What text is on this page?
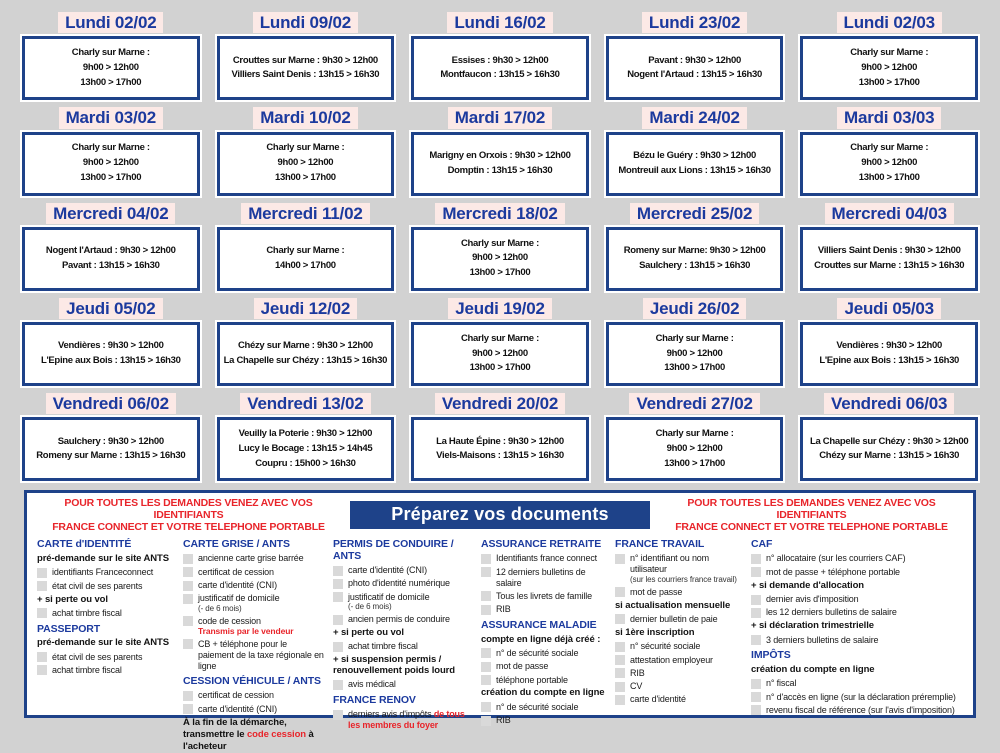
Lundi 02/02
Charly sur Marne :
9h00 > 12h00
13h00 > 17h00
Lundi 09/02
Crouttes sur Marne : 9h30 > 12h00
Villiers Saint Denis : 13h15 > 16h30
Lundi 16/02
Essises : 9h30 > 12h00
Montfaucon : 13h15 > 16h30
Lundi 23/02
Pavant : 9h30 > 12h00
Nogent l'Artaud : 13h15 > 16h30
Lundi 02/03
Charly sur Marne :
9h00 > 12h00
13h00 > 17h00
Mardi 03/02
Charly sur Marne :
9h00 > 12h00
13h00 > 17h00
Mardi 10/02
Charly sur Marne :
9h00 > 12h00
13h00 > 17h00
Mardi 17/02
Marigny en Orxois : 9h30 > 12h00
Domptin : 13h15 > 16h30
Mardi 24/02
Bézu le Guéry : 9h30 > 12h00
Montreuil aux Lions : 13h15 > 16h30
Mardi 03/03
Charly sur Marne :
9h00 > 12h00
13h00 > 17h00
Mercredi 04/02
Nogent l'Artaud : 9h30 > 12h00
Pavant : 13h15 > 16h30
Mercredi 11/02
Charly sur Marne :
14h00 > 17h00
Mercredi 18/02
Charly sur Marne :
9h00 > 12h00
13h00 > 17h00
Mercredi 25/02
Romeny sur Marne: 9h30 > 12h00
Saulchery : 13h15 > 16h30
Mercredi 04/03
Villiers Saint Denis : 9h30 > 12h00
Crouttes sur Marne : 13h15 > 16h30
Jeudi 05/02
Vendières : 9h30 > 12h00
L'Epine aux Bois : 13h15 > 16h30
Jeudi 12/02
Chézy sur Marne : 9h30 > 12h00
La Chapelle sur Chézy : 13h15 > 16h30
Jeudi 19/02
Charly sur Marne :
9h00 > 12h00
13h00 > 17h00
Jeudi 26/02
Charly sur Marne :
9h00 > 12h00
13h00 > 17h00
Jeudi 05/03
Vendières : 9h30 > 12h00
L'Epine aux Bois : 13h15 > 16h30
Vendredi 06/02
Saulchery : 9h30 > 12h00
Romeny sur Marne : 13h15 > 16h30
Vendredi 13/02
Veuilly la Poterie : 9h30 > 12h00
Lucy le Bocage : 13h15 > 14h45
Coupru : 15h00 > 16h30
Vendredi 20/02
La Haute Épine : 9h30 > 12h00
Viels-Maisons : 13h15 > 16h30
Vendredi 27/02
Charly sur Marne :
9h00 > 12h00
13h00 > 17h00
Vendredi 06/03
La Chapelle sur Chézy : 9h30 > 12h00
Chézy sur Marne : 13h15 > 16h30
POUR TOUTES LES DEMANDES VENEZ AVEC VOS IDENTIFIANTS
FRANCE CONNECT ET VOTRE TELEPHONE PORTABLE
Préparez vos documents
POUR TOUTES LES DEMANDES VENEZ AVEC VOS IDENTIFIANTS
FRANCE CONNECT ET VOTRE TELEPHONE PORTABLE
CARTE d'IDENTITÉ
pré-demande sur le site ANTS
identifiants Franceconnect
état civil de ses parents
+ si perte ou vol
achat timbre fiscal
PASSEPORT
pré-demande sur le site ANTS
état civil de ses parents
achat timbre fiscal
CARTE GRISE / ANTS
ancienne carte grise barrée
certificat de cession
carte d'identité (CNI)
justificatif de domicile
(- de 6 mois)
code de cession
Transmis par le vendeur
CB + téléphone pour le paiement de la taxe régionale en ligne
CESSION VÉHICULE / ANTS
certificat de cession
carte d'identité (CNI)
À la fin de la démarche, transmettre le code cession à l'acheteur
PERMIS DE CONDUIRE / ANTS
carte d'identité (CNI)
photo d'identité numérique
justificatif de domicile
(- de 6 mois)
ancien permis de conduire
+ si perte ou vol
achat timbre fiscal
+ si suspension permis / renouvellement poids lourd
avis médical
FRANCE RENOV
derniers avis d'impôts de tous les membres du foyer
ASSURANCE RETRAITE
Identifiants france connect
12 derniers bulletins de salaire
Tous les livrets de famille
RIB
ASSURANCE MALADIE
compte en ligne déjà créé :
n° de sécurité sociale
mot de passe
téléphone portable
création du compte en ligne
n° de sécurité sociale
RIB
FRANCE TRAVAIL
n° identifiant ou nom utilisateur
(sur les courriers france travail)
mot de passe
si actualisation mensuelle
dernier bulletin de paie
si 1ère inscription
n° sécurité sociale
attestation employeur
RIB
CV
carte d'identité
CAF
n° allocataire (sur les courriers CAF)
mot de passe + téléphone portable
+ si demande d'allocation
dernier avis d'imposition
les 12 derniers bulletins de salaire
+ si déclaration trimestrielle
3 derniers bulletins de salaire
IMPÔTS
création du compte en ligne
n° fiscal
n° d'accès en ligne (sur la déclaration préremplie)
revenu fiscal de référence (sur l'avis d'imposition)
